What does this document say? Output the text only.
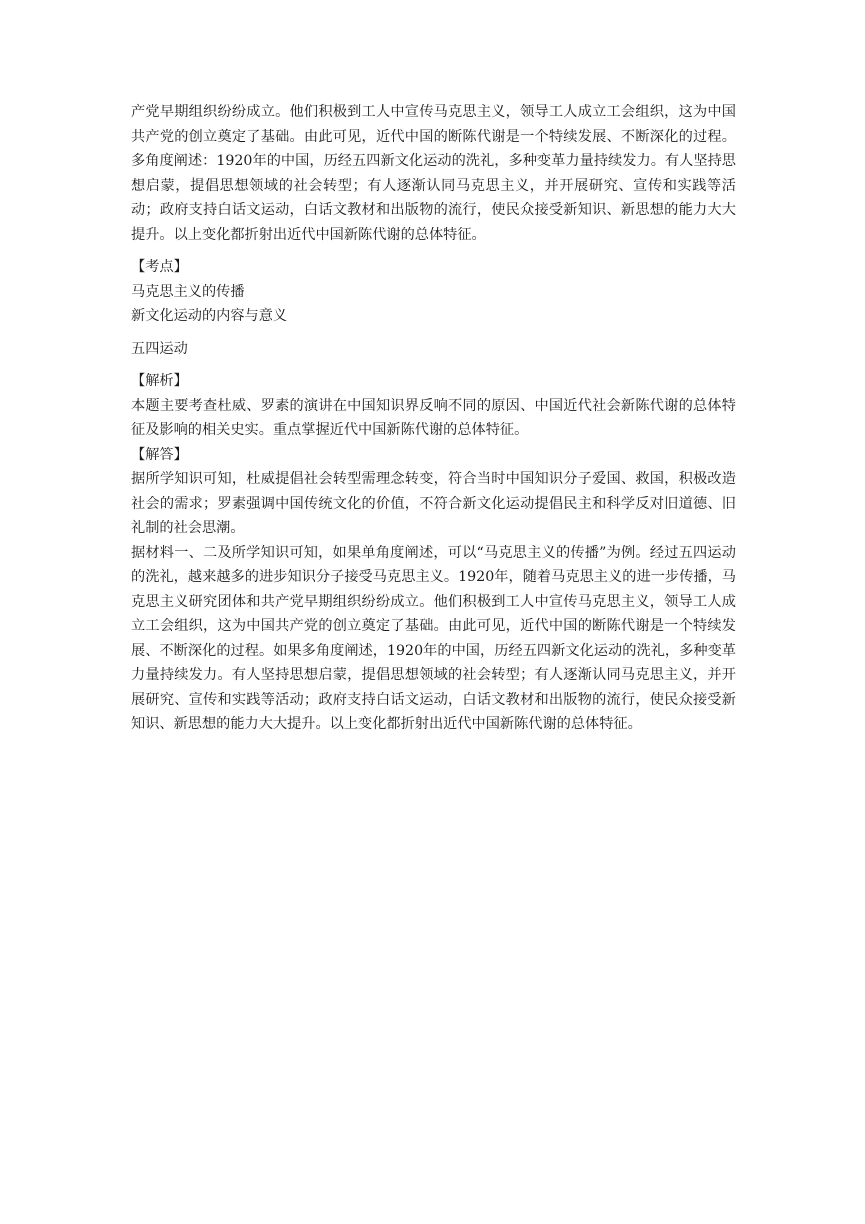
产党早期组织纷纷成立。他们积极到工人中宣传马克思主义，领导工人成立工会组织，这为中国共产党的创立奠定了基础。由此可见，近代中国的断陈代谢是一个特续发展、不断深化的过程。多角度阐述：1920年的中国，历经五四新文化运动的洗礼，多种变革力量持续发力。有人坚持思想启蒙，提倡思想领域的社会转型；有人逐渐认同马克思主义，并开展研究、宣传和实践等活动；政府支持白话文运动，白话文教材和出版物的流行，使民众接受新知识、新思想的能力大大提升。以上变化都折射出近代中国新陈代谢的总体特征。

【考点】

马克思主义的传播

新文化运动的内容与意义

五四运动

【解析】

本题主要考查杜威、罗素的演讲在中国知识界反响不同的原因、中国近代社会新陈代谢的总体特征及影响的相关史实。重点掌握近代中国新陈代谢的总体特征。

【解答】

据所学知识可知，杜威提倡社会转型需理念转变，符合当时中国知识分子爱国、救国，积极改造社会的需求；罗素强调中国传统文化的价值，不符合新文化运动提倡民主和科学反对旧道德、旧礼制的社会思潮。

据材料一、二及所学知识可知，如果单角度阐述，可以“马克思主义的传播”为例。经过五四运动的洗礼，越来越多的进步知识分子接受马克思主义。1920年，随着马克思主义的进一步传播，马克思主义研究团体和共产党早期组织纷纷成立。他们积极到工人中宣传马克思主义，领导工人成立工会组织，这为中国共产党的创立奠定了基础。由此可见，近代中国的断陈代谢是一个特续发展、不断深化的过程。如果多角度阐述，1920年的中国，历经五四新文化运动的洗礼，多种变革力量持续发力。有人坚持思想启蒙，提倡思想领域的社会转型；有人逐渐认同马克思主义，并开展研究、宣传和实践等活动；政府支持白话文运动，白话文教材和出版物的流行，使民众接受新知识、新思想的能力大大提升。以上变化都折射出近代中国新陈代谢的总体特征。
